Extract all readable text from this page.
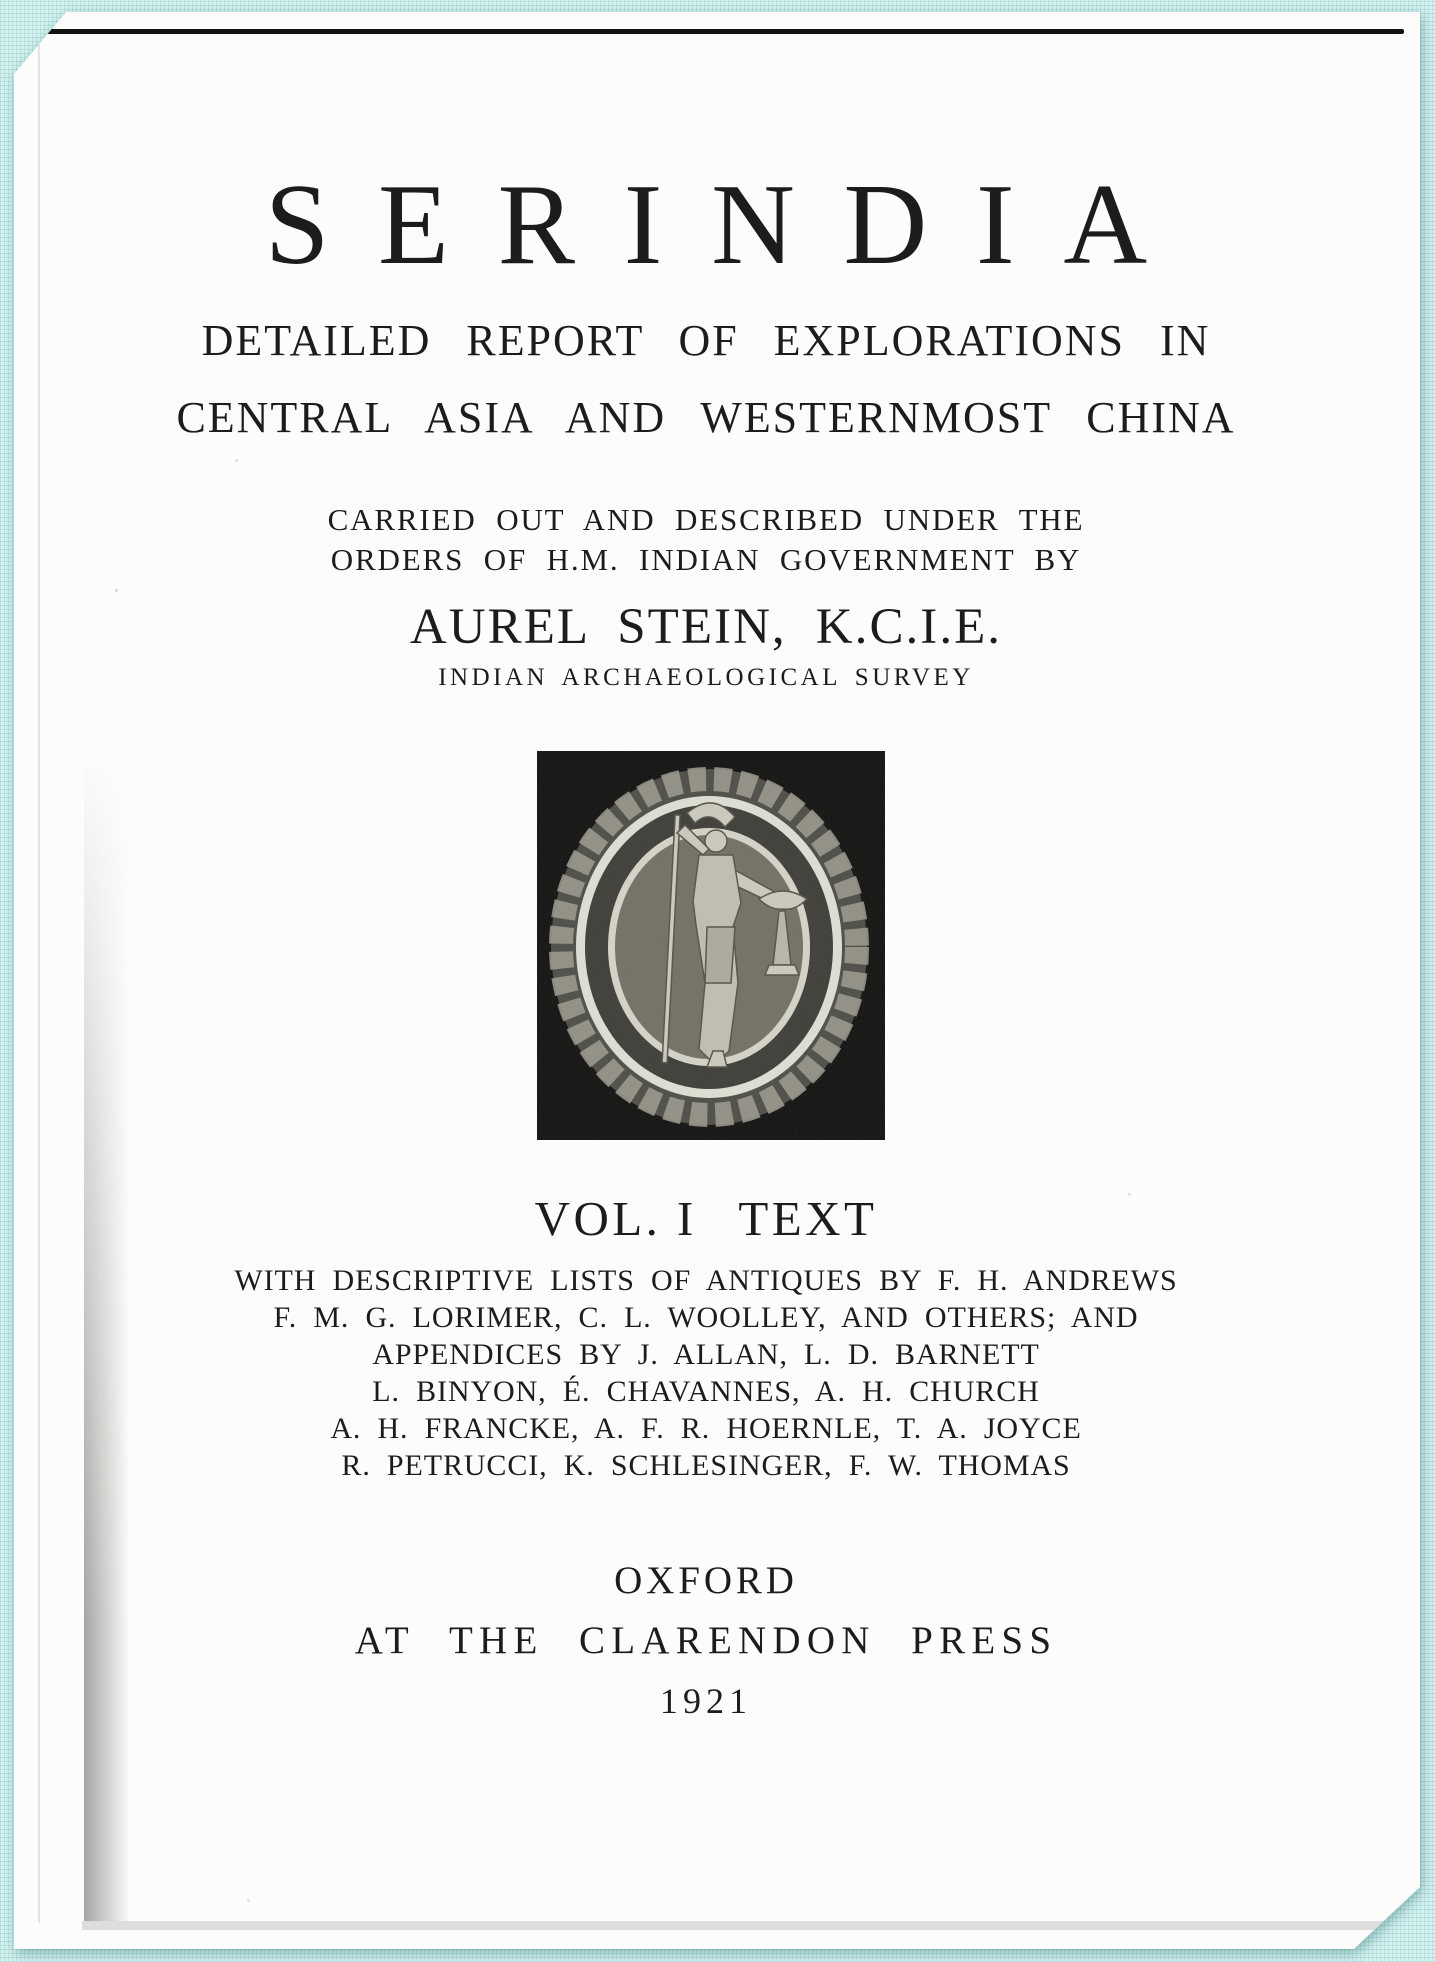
SERINDIA
DETAILED REPORT OF EXPLORATIONS IN
CENTRAL ASIA AND WESTERNMOST CHINA
CARRIED OUT AND DESCRIBED UNDER THE
ORDERS OF H.M. INDIAN GOVERNMENT BY
AUREL STEIN, K.C.I.E.
INDIAN ARCHAEOLOGICAL SURVEY
VOL. I TEXT
WITH DESCRIPTIVE LISTS OF ANTIQUES BY F. H. ANDREWS
F. M. G. LORIMER, C. L. WOOLLEY, AND OTHERS; AND
APPENDICES BY J. ALLAN, L. D. BARNETT
L. BINYON, É. CHAVANNES, A. H. CHURCH
A. H. FRANCKE, A. F. R. HOERNLE, T. A. JOYCE
R. PETRUCCI, K. SCHLESINGER, F. W. THOMAS
OXFORD
AT THE CLARENDON PRESS
1921
